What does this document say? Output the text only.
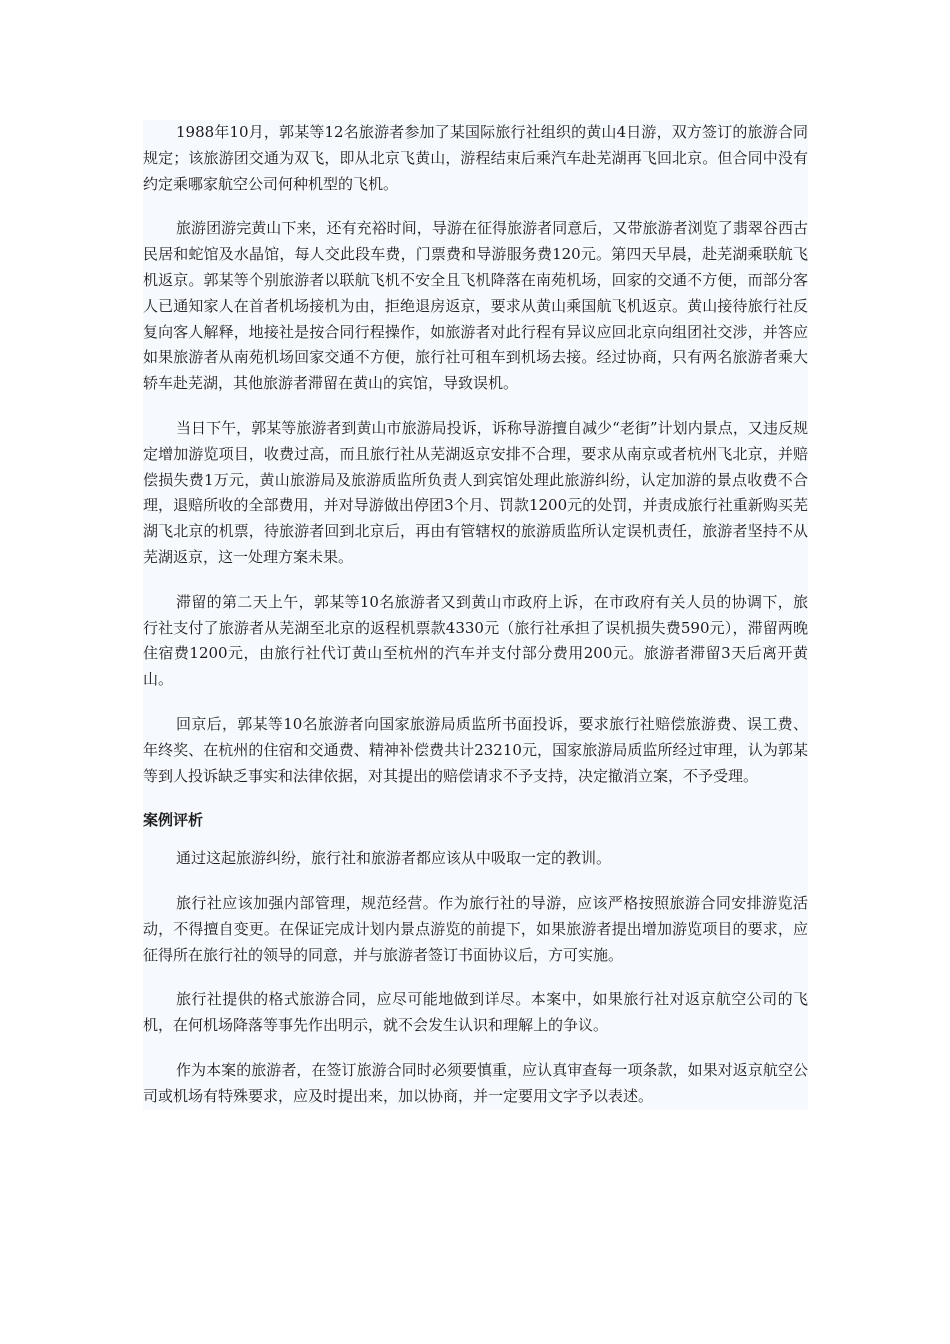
1988年10月，郭某等12名旅游者参加了某国际旅行社组织的黄山4日游，双方签订的旅游合同规定；该旅游团交通为双飞，即从北京飞黄山，游程结束后乘汽车赴芜湖再飞回北京。但合同中没有约定乘哪家航空公司何种机型的飞机。

旅游团游完黄山下来，还有充裕时间，导游在征得旅游者同意后，又带旅游者浏览了翡翠谷西古民居和蛇馆及水晶馆，每人交此段车费，门票费和导游服务费120元。第四天早晨，赴芜湖乘联航飞机返京。郭某等个别旅游者以联航飞机不安全且飞机降落在南苑机场，回家的交通不方便，而部分客人已通知家人在首者机场接机为由，拒绝退房返京，要求从黄山乘国航飞机返京。黄山接待旅行社反复向客人解释，地接社是按合同行程操作，如旅游者对此行程有异议应回北京向组团社交涉，并答应如果旅游者从南苑机场回家交通不方便，旅行社可租车到机场去接。经过协商，只有两名旅游者乘大轿车赴芜湖，其他旅游者滞留在黄山的宾馆，导致误机。

当日下午，郭某等旅游者到黄山市旅游局投诉，诉称导游擅自减少“老街”计划内景点，又违反规定增加游览项目，收费过高，而且旅行社从芜湖返京安排不合理，要求从南京或者杭州飞北京，并赔偿损失费1万元，黄山旅游局及旅游质监所负责人到宾馆处理此旅游纠纷，认定加游的景点收费不合理，退赔所收的全部费用，并对导游做出停团3个月、罚款1200元的处罚，并责成旅行社重新购买芜湖飞北京的机票，待旅游者回到北京后，再由有管辖权的旅游质监所认定误机责任，旅游者坚持不从芜湖返京，这一处理方案未果。

滞留的第二天上午，郭某等10名旅游者又到黄山市政府上诉，在市政府有关人员的协调下，旅行社支付了旅游者从芜湖至北京的返程机票款4330元（旅行社承担了误机损失费590元），滞留两晚住宿费1200元，由旅行社代订黄山至杭州的汽车并支付部分费用200元。旅游者滞留3天后离开黄山。

回京后，郭某等10名旅游者向国家旅游局质监所书面投诉，要求旅行社赔偿旅游费、误工费、年终奖、在杭州的住宿和交通费、精神补偿费共计23210元，国家旅游局质监所经过审理，认为郭某等到人投诉缺乏事实和法律依据，对其提出的赔偿请求不予支持，决定撤消立案，不予受理。

案例评析

通过这起旅游纠纷，旅行社和旅游者都应该从中吸取一定的教训。

旅行社应该加强内部管理，规范经营。作为旅行社的导游，应该严格按照旅游合同安排游览活动，不得擅自变更。在保证完成计划内景点游览的前提下，如果旅游者提出增加游览项目的要求，应征得所在旅行社的领导的同意，并与旅游者签订书面协议后，方可实施。

旅行社提供的格式旅游合同，应尽可能地做到详尽。本案中，如果旅行社对返京航空公司的飞机，在何机场降落等事先作出明示，就不会发生认识和理解上的争议。

作为本案的旅游者，在签订旅游合同时必须要慎重，应认真审查每一项条款，如果对返京航空公司或机场有特殊要求，应及时提出来，加以协商，并一定要用文字予以表述。
